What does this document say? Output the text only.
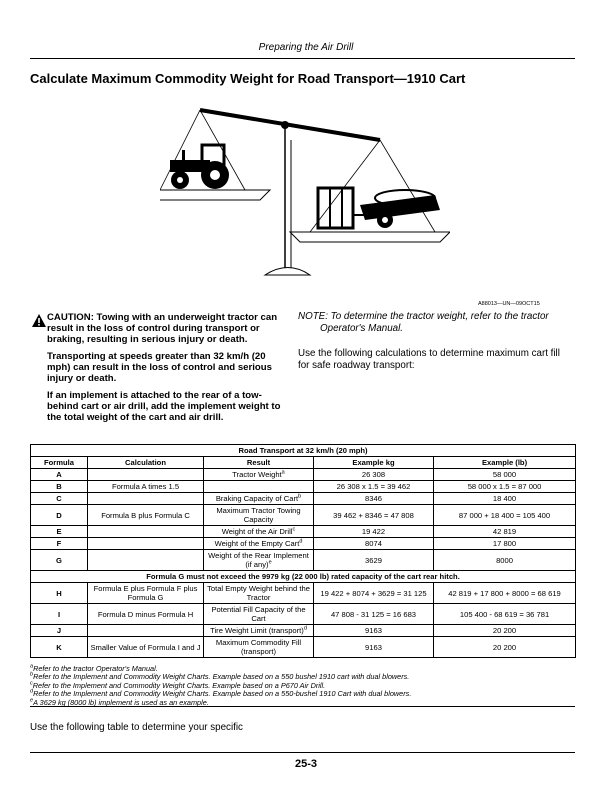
Preparing the Air Drill
Calculate Maximum Commodity Weight for Road Transport—1910 Cart
A88013—UN—09OCT15

CAUTION: Towing with an underweight tractor can result in the loss of control during transport or braking, resulting in serious injury or death.

Transporting at speeds greater than 32 km/h (20 mph) can result in the loss of control and serious injury or death.

If an implement is attached to the rear of a tow-behind cart or air drill, add the implement weight to the total weight of the cart and air drill.

NOTE: To determine the tractor weight, refer to the tractor Operator's Manual.

Use the following calculations to determine maximum cart fill for safe roadway transport:

Road Transport at 32 km/h (20 mph)				
Formula	Calculation	Result	Example kg	Example (lb)
A		Tractor Weight$^a$	26 308	58 000
B	Formula A times 1.5		26 308 x 1.5 = 39 462	58 000 x 1.5 = 87 000
C		Braking Capacity of Cart$^b$	8346	18 400
D	Formula B plus Formula C	Maximum Tractor Towing Capacity	39 462 + 8346 = 47 808	87 000 + 18 400 = 105 400
E		Weight of the Air Drill$^c$	19 422	42 819
F		Weight of the Empty Cart$^d$	8074	17 800
G		Weight of the Rear Implement (if any)$^e$	3629	8000
Formula G must not exceed the 9979 kg (22 000 lb) rated capacity of the cart rear hitch.				
H	Formula E plus Formula F plus Formula G	Total Empty Weight behind the Tractor	19 422 + 8074 + 3629 = 31 125	42 819 + 17 800 + 8000 = 68 619
I	Formula D minus Formula H	Potential Fill Capacity of the Cart	47 808 - 31 125 = 16 683	105 400 - 68 619 = 36 781
J		Tire Weight Limit (transport)$^d$	9163	20 200
K	Smaller Value of Formula I and J	Maximum Commodity Fill (transport)	9163	20 200
$^a$Refer to the tractor Operator's Manual.
$^b$Refer to the Implement and Commodity Weight Charts. Example based on a 550 bushel 1910 cart with dual blowers.
$^c$Refer to the Implement and Commodity Weight Charts. Example based on a P670 Air Drill.
$^d$Refer to the Implement and Commodity Weight Charts. Example based on a 550-bushel 1910 Cart with dual blowers.
$^e$A 3629 kg (8000 lb) implement is used as an example.
Use the following table to determine your specific
25-3
